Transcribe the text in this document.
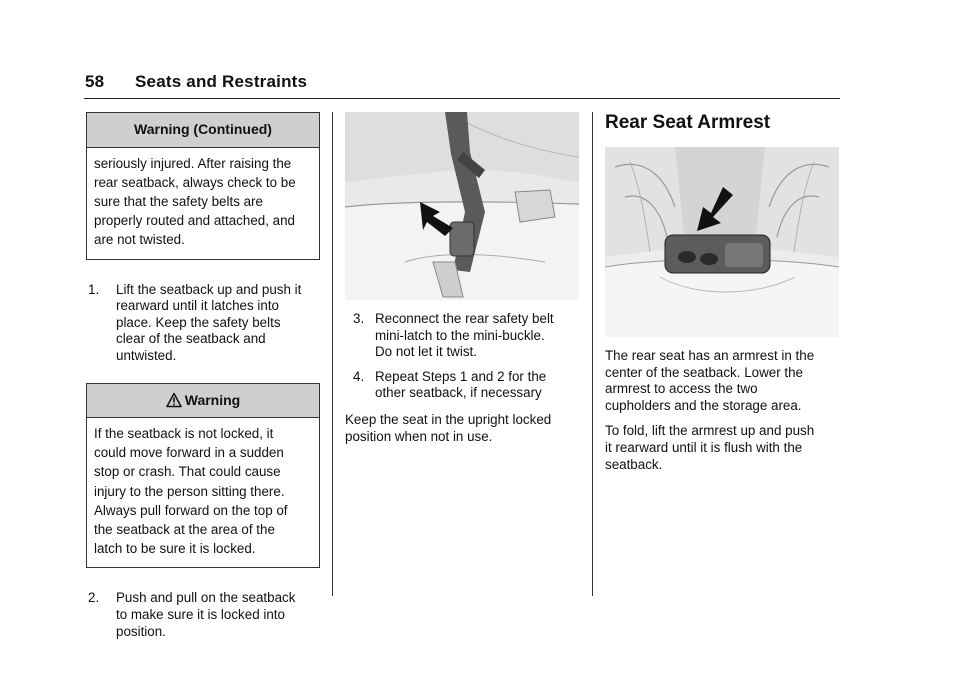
58 Seats and Restraints
Warning (Continued)

seriously injured. After raising the

rear seatback, always check to be

sure that the safety belts are

properly routed and attached, and

are not twisted.

1.	Lift the seatback up and push it
rearward until it latches into
place. Keep the safety belts
clear of the seatback and
untwisted.
Warning

If the seatback is not locked, it

could move forward in a sudden

stop or crash. That could cause

injury to the person sitting there.

Always pull forward on the top of

the seatback at the area of the

latch to be sure it is locked.

2.	Push and pull on the seatback
to make sure it is locked into
position.
3. Reconnect the rear safety belt
mini-latch to the mini-buckle.
Do not let it twist.
4. Repeat Steps 1 and 2 for the
other seatback, if necessary
Keep the seat in the upright locked
position when not in use.
Rear Seat Armrest
The rear seat has an armrest in the
center of the seatback. Lower the
armrest to access the two
cupholders and the storage area.
To fold, lift the armrest up and push
it rearward until it is flush with the
seatback.
